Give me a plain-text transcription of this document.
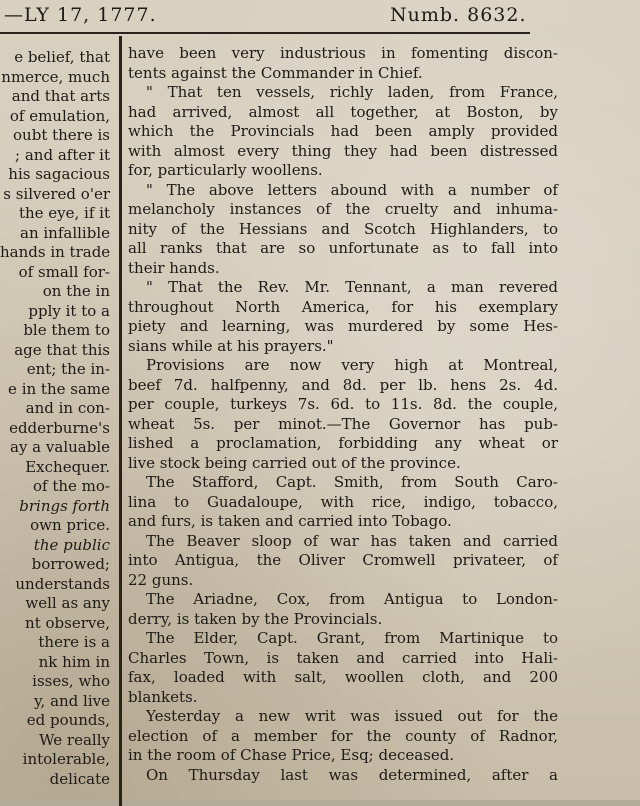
—LY 17, 1777.	Numb. 8632.
e belief, that
nmerce, much
and that arts
of emulation,
oubt there is
; and after it
his sagacious
s silvered o'er
the eye, if it
an infallible
hands in trade
of small for-
on the in
pply it to a
ble them to
age that this
ent; the in-
e in the same
and in con-
edderburne's
ay a valuable
Exchequer.
of the mo-
brings forth
own price.
the public
borrowed;
understands
well as any
nt observe,
there is a
nk him in
isses, who
y, and live
ed pounds,
We really
intolerable,
delicate
have been very industrious in fomenting discon-
tents against the Commander in Chief.
" That ten vessels, richly laden, from France,
had arrived, almost all together, at Boston, by
which the Provincials had been amply provided
with almost every thing they had been distressed
for, particularly woollens.
" The above letters abound with a number of
melancholy instances of the cruelty and inhuma-
nity of the Hessians and Scotch Highlanders, to
all ranks that are so unfortunate as to fall into
their hands.
" That the Rev. Mr. Tennant, a man revered
throughout North America, for his exemplary
piety and learning, was murdered by some Hes-
sians while at his prayers."
Provisions are now very high at Montreal,
beef 7d. halfpenny, and 8d. per lb. hens 2s. 4d.
per couple, turkeys 7s. 6d. to 11s. 8d. the couple,
wheat 5s. per minot.—The Governor has pub-
lished a proclamation, forbidding any wheat or
live stock being carried out of the province.
The Stafford, Capt. Smith, from South Caro-
lina to Guadaloupe, with rice, indigo, tobacco,
and furs, is taken and carried into Tobago.
The Beaver sloop of war has taken and carried
into Antigua, the Oliver Cromwell privateer, of
22 guns.
The Ariadne, Cox, from Antigua to London-
derry, is taken by the Provincials.
The Elder, Capt. Grant, from Martinique to
Charles Town, is taken and carried into Hali-
fax, loaded with salt, woollen cloth, and 200
blankets.
Yesterday a new writ was issued out for the
election of a member for the county of Radnor,
in the room of Chase Price, Esq; deceased.
On Thursday last was determined, after a
